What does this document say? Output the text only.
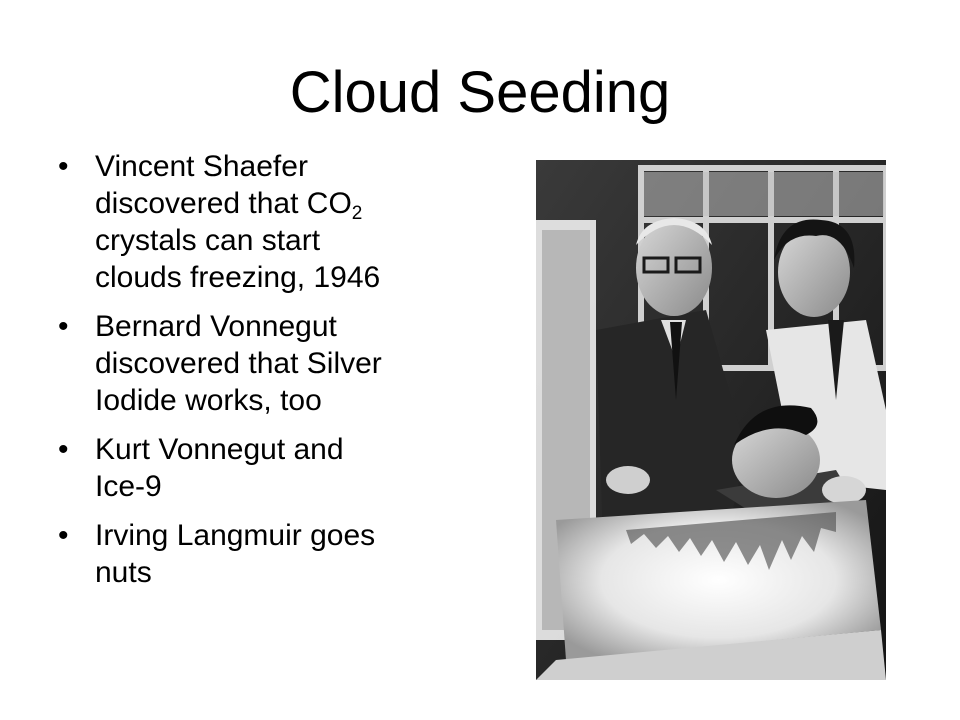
Cloud Seeding
• Vincent Shaefer
discovered that $CO_2$
crystals can start
clouds freezing, 1946
• Bernard Vonnegut
discovered that Silver
Iodide works, too
• Kurt Vonnegut and
Ice-9
• Irving Langmuir goes
nuts
